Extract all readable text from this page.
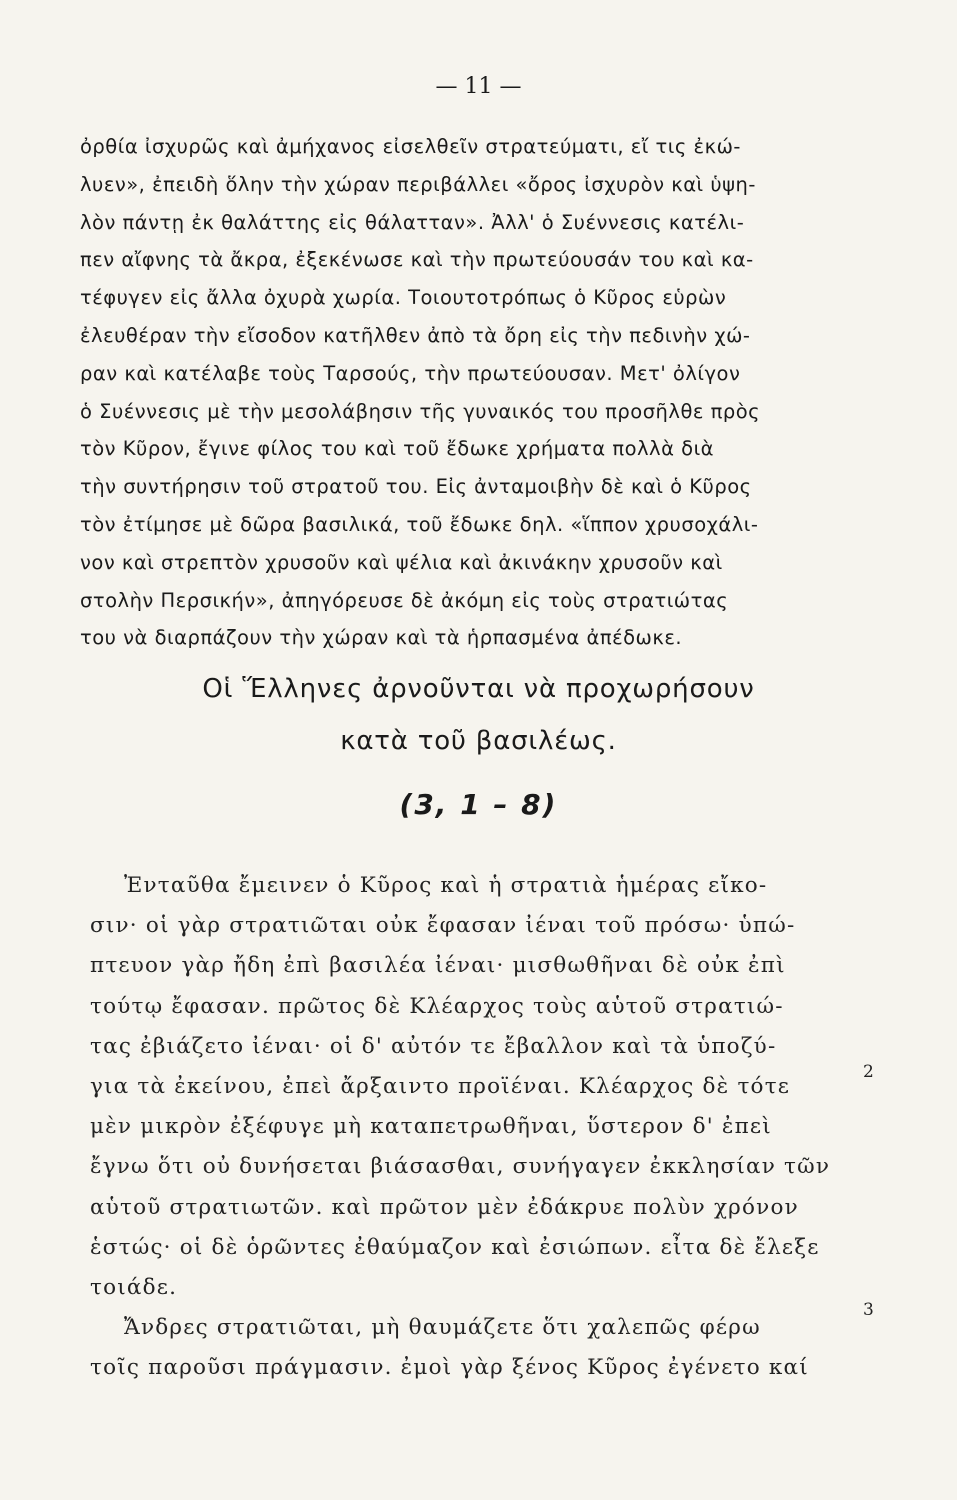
— 11 —
ὀρθία ἰσχυρῶς καὶ ἀμήχανος εἰσελθεῖν στρατεύματι, εἴ τις ἐκώ-
λυεν», ἐπειδὴ ὅλην τὴν χώραν περιβάλλει «ὄρος ἰσχυρὸν καὶ ὑψη-
λὸν πάντῃ ἐκ θαλάττης εἰς θάλατταν». Ἀλλ' ὁ Συέννεσις κατέλι-
πεν αἴφνης τὰ ἄκρα, ἐξεκένωσε καὶ τὴν πρωτεύουσάν του καὶ κα-
τέφυγεν εἰς ἄλλα ὀχυρὰ χωρία. Τοιουτοτρόπως ὁ Κῦρος εὑρὼν
ἐλευθέραν τὴν εἴσοδον κατῆλθεν ἀπὸ τὰ ὄρη εἰς τὴν πεδινὴν χώ-
ραν καὶ κατέλαβε τοὺς Ταρσούς, τὴν πρωτεύουσαν. Μετ' ὀλίγον
ὁ Συέννεσις μὲ τὴν μεσολάβησιν τῆς γυναικός του προσῆλθε πρὸς
τὸν Κῦρον, ἔγινε φίλος του καὶ τοῦ ἔδωκε χρήματα πολλὰ διὰ
τὴν συντήρησιν τοῦ στρατοῦ του. Εἰς ἀνταμοιβὴν δὲ καὶ ὁ Κῦρος
τὸν ἐτίμησε μὲ δῶρα βασιλικά, τοῦ ἔδωκε δηλ. «ἵππον χρυσοχάλι-
νον καὶ στρεπτὸν χρυσοῦν καὶ ψέλια καὶ ἀκινάκην χρυσοῦν καὶ
στολὴν Περσικήν», ἀπηγόρευσε δὲ ἀκόμη εἰς τοὺς στρατιώτας
του νὰ διαρπάζουν τὴν χώραν καὶ τὰ ἡρπασμένα ἀπέδωκε.
Οἱ Ἕλληνες ἀρνοῦνται νὰ προχωρήσουν
κατὰ τοῦ βασιλέως.
(3, 1 – 8)
Ἐνταῦθα ἔμεινεν ὁ Κῦρος καὶ ἡ στρατιὰ ἡμέρας εἴκο-
σιν· οἱ γὰρ στρατιῶται οὐκ ἔφασαν ἰέναι τοῦ πρόσω· ὑπώ-
πτευον γὰρ ἤδη ἐπὶ βασιλέα ἰέναι· μισθωθῆναι δὲ οὐκ ἐπὶ
τούτῳ ἔφασαν. πρῶτος δὲ Κλέαρχος τοὺς αὑτοῦ στρατιώ-
τας ἐβιάζετο ἰέναι· οἱ δ' αὐτόν τε ἔβαλλον καὶ τὰ ὑποζύ-
για τὰ ἐκείνου, ἐπεὶ ἄρξαιντο προϊέναι. Κλέαρχος δὲ τότε
μὲν μικρὸν ἐξέφυγε μὴ καταπετρωθῆναι, ὕστερον δ' ἐπεὶ
ἔγνω ὅτι οὐ δυνήσεται βιάσασθαι, συνήγαγεν ἐκκλησίαν τῶν
αὑτοῦ στρατιωτῶν. καὶ πρῶτον μὲν ἐδάκρυε πολὺν χρόνον
ἑστώς· οἱ δὲ ὁρῶντες ἐθαύμαζον καὶ ἐσιώπων. εἶτα δὲ ἔλεξε
τοιάδε.
Ἄνδρες στρατιῶται, μὴ θαυμάζετε ὅτι χαλεπῶς φέρω
τοῖς παροῦσι πράγμασιν. ἐμοὶ γὰρ ξένος Κῦρος ἐγένετο καί
2
3
